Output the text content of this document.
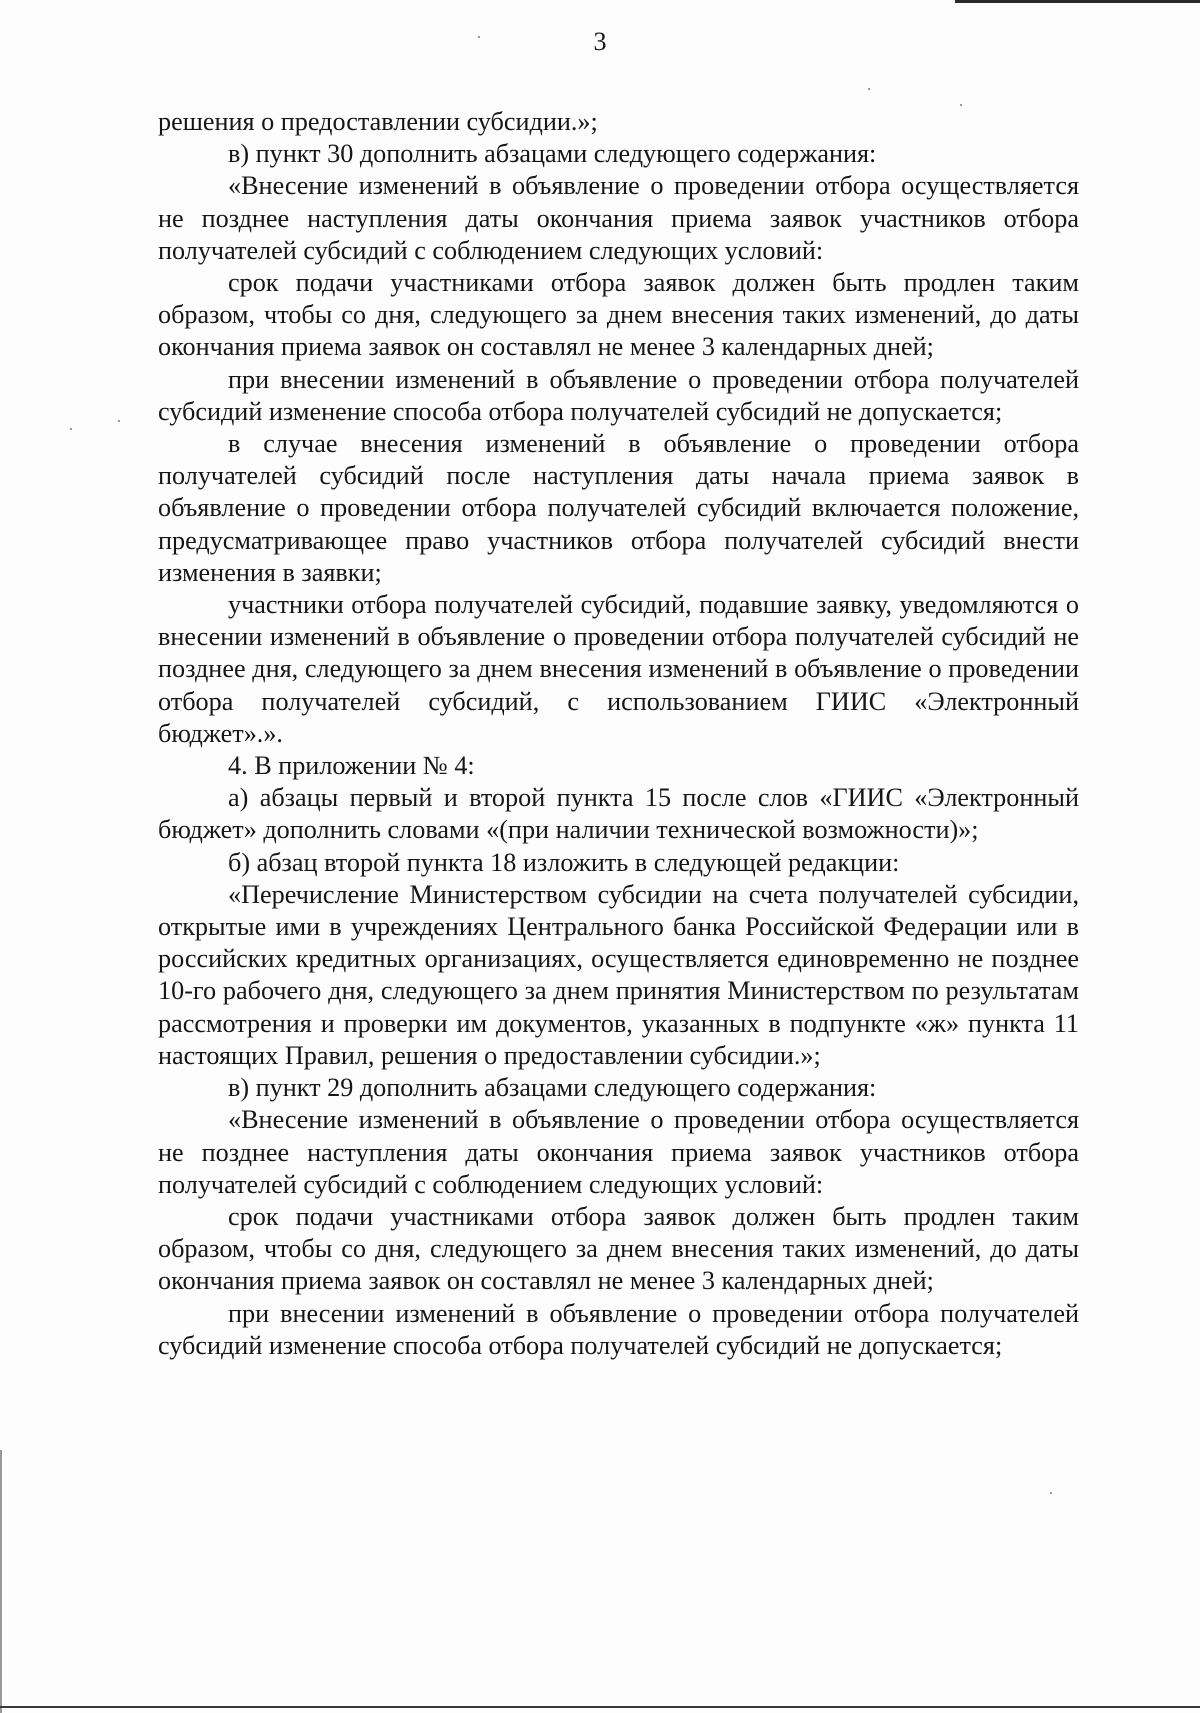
3

решения о предоставлении субсидии.»;

в) пункт 30 дополнить абзацами следующего содержания:

«Внесение изменений в объявление о проведении отбора осуществляется не позднее наступления даты окончания приема заявок участников отбора получателей субсидий с соблюдением следующих условий:

срок подачи участниками отбора заявок должен быть продлен таким образом, чтобы со дня, следующего за днем внесения таких изменений, до даты окончания приема заявок он составлял не менее 3 календарных дней;

при внесении изменений в объявление о проведении отбора получателей субсидий изменение способа отбора получателей субсидий не допускается;

в случае внесения изменений в объявление о проведении отбора получателей субсидий после наступления даты начала приема заявок в объявление о проведении отбора получателей субсидий включается положение, предусматривающее право участников отбора получателей субсидий внести изменения в заявки;

участники отбора получателей субсидий, подавшие заявку, уведомляются о внесении изменений в объявление о проведении отбора получателей субсидий не позднее дня, следующего за днем внесения изменений в объявление о проведении отбора получателей субсидий, с использованием ГИИС «Электронный бюджет».».

4. В приложении № 4:

а) абзацы первый и второй пункта 15 после слов «ГИИС «Электронный бюджет» дополнить словами «(при наличии технической возможности)»;

б) абзац второй пункта 18 изложить в следующей редакции:

«Перечисление Министерством субсидии на счета получателей субсидии, открытые ими в учреждениях Центрального банка Российской Федерации или в российских кредитных организациях, осуществляется единовременно не позднее 10-го рабочего дня, следующего за днем принятия Министерством по результатам рассмотрения и проверки им документов, указанных в подпункте «ж» пункта 11 настоящих Правил, решения о предоставлении субсидии.»;

в) пункт 29 дополнить абзацами следующего содержания:

«Внесение изменений в объявление о проведении отбора осуществляется не позднее наступления даты окончания приема заявок участников отбора получателей субсидий с соблюдением следующих условий:

срок подачи участниками отбора заявок должен быть продлен таким образом, чтобы со дня, следующего за днем внесения таких изменений, до даты окончания приема заявок он составлял не менее 3 календарных дней;

при внесении изменений в объявление о проведении отбора получателей субсидий изменение способа отбора получателей субсидий не допускается;
